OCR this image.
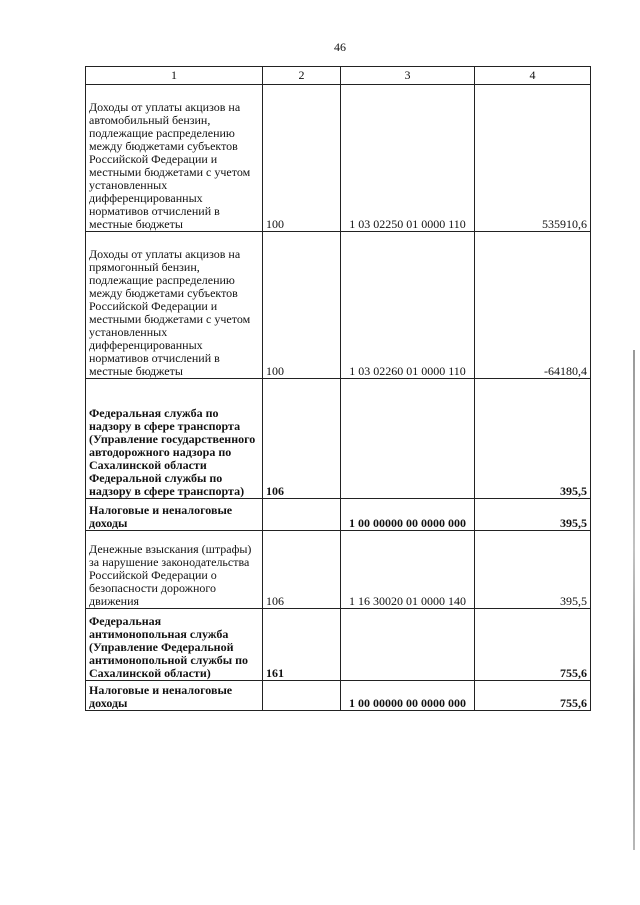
46
1	2	3	4
Доходы от уплаты акцизов на автомобильный бензин, подлежащие распределению между бюджетами субъектов Российской Федерации и местными бюджетами с учетом установленных дифференцированных нормативов отчислений в местные бюджеты	100	1 03 02250 01 0000 110	535910,6
Доходы от уплаты акцизов на прямогонный бензин, подлежащие распределению между бюджетами субъектов Российской Федерации и местными бюджетами с учетом установленных дифференцированных нормативов отчислений в местные бюджеты	100	1 03 02260 01 0000 110	-64180,4
Федеральная служба по надзору в сфере транспорта (Управление государственного автодорожного надзора по Сахалинской области Федеральной службы по надзору в сфере транспорта)	106		395,5
Налоговые и неналоговые доходы		1 00 00000 00 0000 000	395,5
Денежные взыскания (штрафы) за нарушение законодательства Российской Федерации о безопасности дорожного движения	106	1 16 30020 01 0000 140	395,5
Федеральная антимонопольная служба (Управление Федеральной антимонопольной службы по Сахалинской области)	161		755,6
Налоговые и неналоговые доходы		1 00 00000 00 0000 000	755,6
